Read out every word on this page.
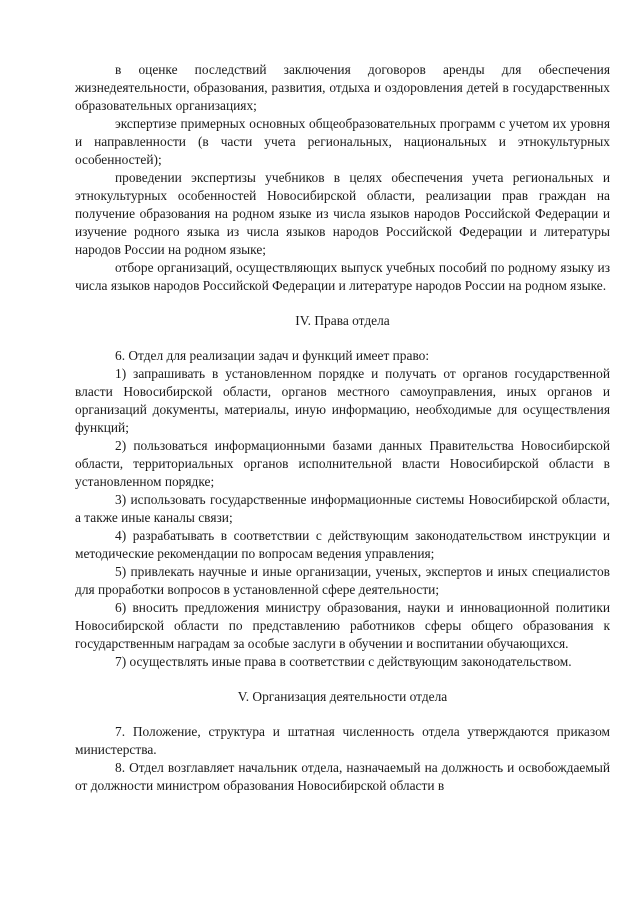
в оценке последствий заключения договоров аренды для обеспечения жизнедеятельности, образования, развития, отдыха и оздоровления детей в государственных образовательных организациях;

экспертизе примерных основных общеобразовательных программ с учетом их уровня и направленности (в части учета региональных, национальных и этнокультурных особенностей);

проведении экспертизы учебников в целях обеспечения учета региональных и этнокультурных особенностей Новосибирской области, реализации прав граждан на получение образования на родном языке из числа языков народов Российской Федерации и изучение родного языка из числа языков народов Российской Федерации и литературы народов России на родном языке;

отборе организаций, осуществляющих выпуск учебных пособий по родному языку из числа языков народов Российской Федерации и литературе народов России на родном языке.

IV. Права отдела

6. Отдел для реализации задач и функций имеет право:

1) запрашивать в установленном порядке и получать от органов государственной власти Новосибирской области, органов местного самоуправления, иных органов и организаций документы, материалы, иную информацию, необходимые для осуществления функций;

2) пользоваться информационными базами данных Правительства Новосибирской области, территориальных органов исполнительной власти Новосибирской области в установленном порядке;

3) использовать государственные информационные системы Новосибирской области, а также иные каналы связи;

4) разрабатывать в соответствии с действующим законодательством инструкции и методические рекомендации по вопросам ведения управления;

5) привлекать научные и иные организации, ученых, экспертов и иных специалистов для проработки вопросов в установленной сфере деятельности;

6) вносить предложения министру образования, науки и инновационной политики Новосибирской области по представлению работников сферы общего образования к государственным наградам за особые заслуги в обучении и воспитании обучающихся.

7) осуществлять иные права в соответствии с действующим законодательством.

V. Организация деятельности отдела

7. Положение, структура и штатная численность отдела утверждаются приказом министерства.

8. Отдел возглавляет начальник отдела, назначаемый на должность и освобождаемый от должности министром образования Новосибирской области в
